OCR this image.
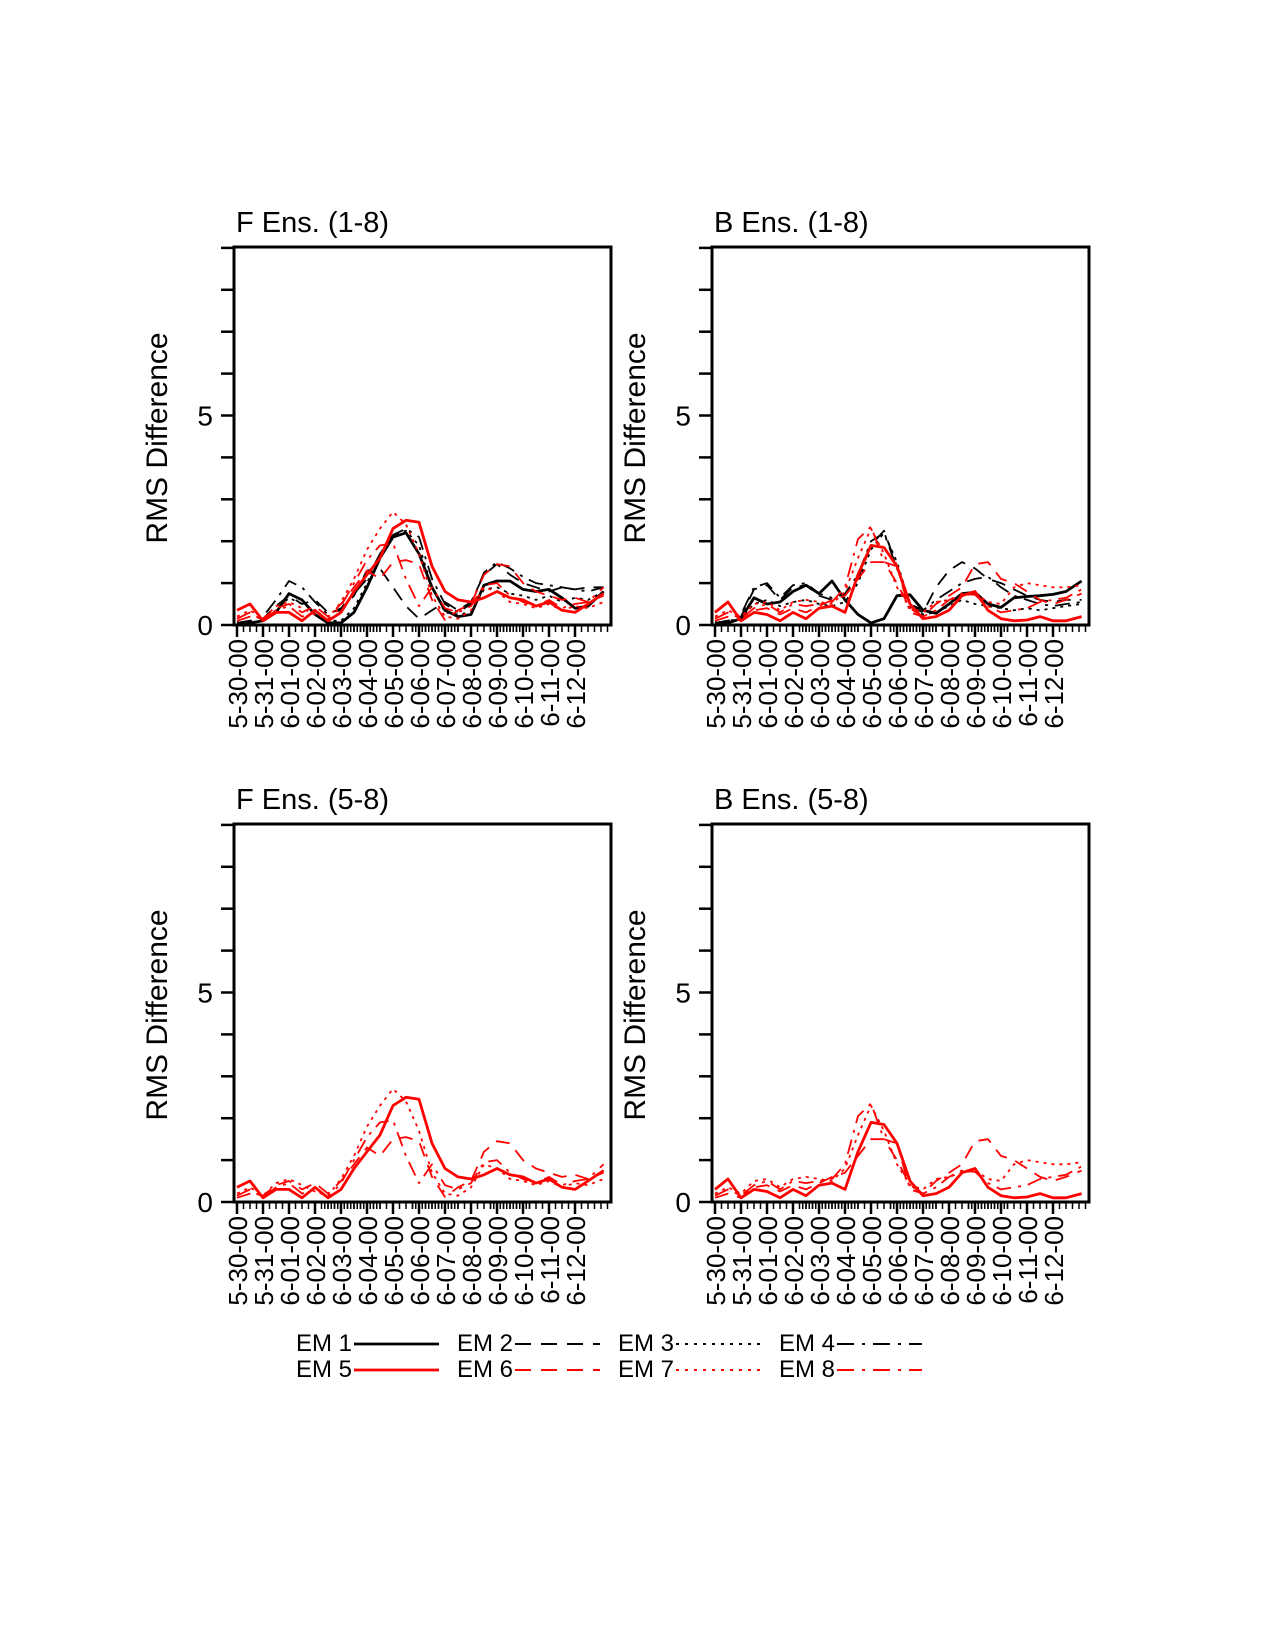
0
5
5-30-00
5-31-00
6-01-00
6-02-00
6-03-00
6-04-00
6-05-00
6-06-00
6-07-00
6-08-00
6-09-00
6-10-00
6-11-00
6-12-00
0
5
5-30-00
5-31-00
6-01-00
6-02-00
6-03-00
6-04-00
6-05-00
6-06-00
6-07-00
6-08-00
6-09-00
6-10-00
6-11-00
6-12-00
0
5
5-30-00
5-31-00
6-01-00
6-02-00
6-03-00
6-04-00
6-05-00
6-06-00
6-07-00
6-08-00
6-09-00
6-10-00
6-11-00
6-12-00
0
5
5-30-00
5-31-00
6-01-00
6-02-00
6-03-00
6-04-00
6-05-00
6-06-00
6-07-00
6-08-00
6-09-00
6-10-00
6-11-00
6-12-00
F Ens. (1-8)	B Ens. (1-8)
F Ens. (5-8)	B Ens. (5-8)
RMS Difference	RMS Difference
RMS Difference	RMS Difference
EM 1	EM 2	EM 3	EM 4
EM 5	EM 6	EM 7	EM 8
